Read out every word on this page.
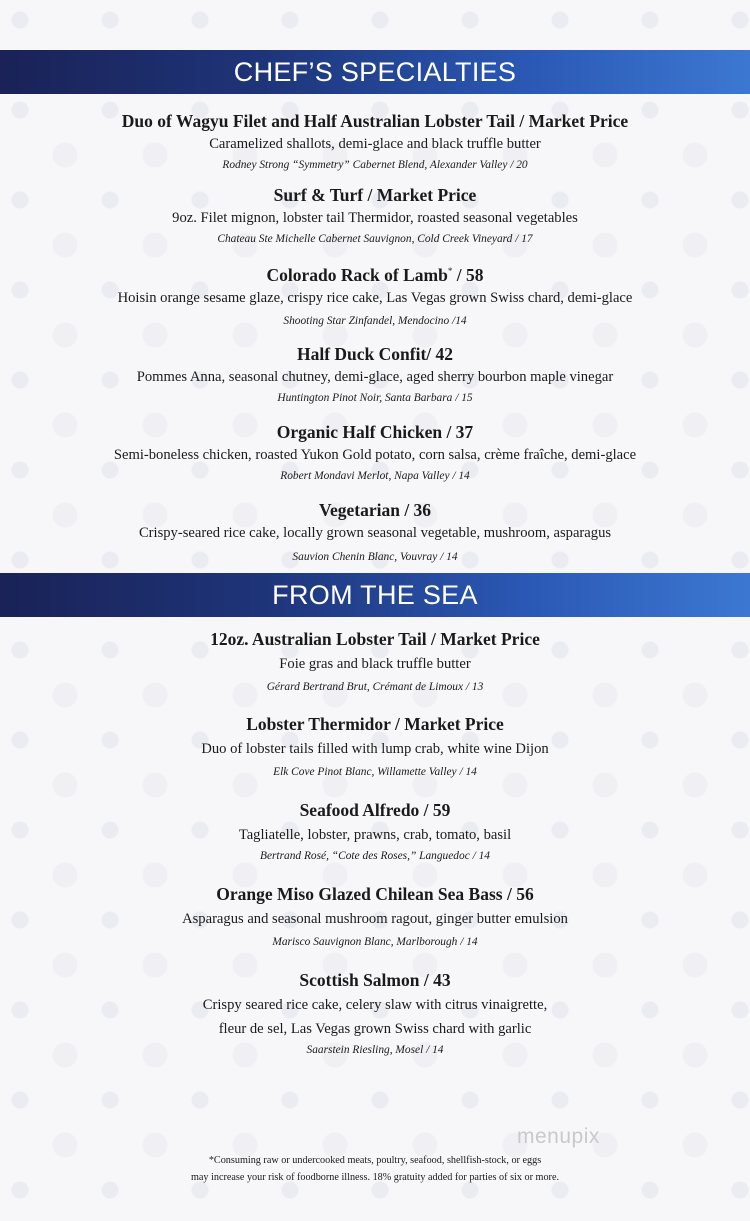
CHEF’S SPECIALTIES
Duo of Wagyu Filet and Half Australian Lobster Tail / Market Price
Caramelized shallots, demi-glace and black truffle butter
Rodney Strong “Symmetry” Cabernet Blend, Alexander Valley / 20
Surf & Turf / Market Price
9oz. Filet mignon, lobster tail Thermidor, roasted seasonal vegetables
Chateau Ste Michelle Cabernet Sauvignon, Cold Creek Vineyard / 17
Colorado Rack of Lamb* / 58
Hoisin orange sesame glaze, crispy rice cake, Las Vegas grown Swiss chard, demi-glace
Shooting Star Zinfandel, Mendocino /14
Half Duck Confit/ 42
Pommes Anna, seasonal chutney, demi-glace, aged sherry bourbon maple vinegar
Huntington Pinot Noir, Santa Barbara / 15
Organic Half Chicken / 37
Semi-boneless chicken, roasted Yukon Gold potato, corn salsa, crème fraîche, demi-glace
Robert Mondavi Merlot, Napa Valley / 14
Vegetarian / 36
Crispy-seared rice cake, locally grown seasonal vegetable, mushroom, asparagus
Sauvion Chenin Blanc, Vouvray / 14
FROM THE SEA
12oz. Australian Lobster Tail / Market Price
Foie gras and black truffle butter
Gérard Bertrand Brut, Crémant de Limoux / 13
Lobster Thermidor / Market Price
Duo of lobster tails filled with lump crab, white wine Dijon
Elk Cove Pinot Blanc, Willamette Valley / 14
Seafood Alfredo / 59
Tagliatelle, lobster, prawns, crab, tomato, basil
Bertrand Rosé, “Cote des Roses,” Languedoc / 14
Orange Miso Glazed Chilean Sea Bass / 56
Asparagus and seasonal mushroom ragout, ginger butter emulsion
Marisco Sauvignon Blanc, Marlborough / 14
Scottish Salmon / 43
Crispy seared rice cake, celery slaw with citrus vinaigrette,
fleur de sel, Las Vegas grown Swiss chard with garlic
Saarstein Riesling, Mosel / 14
menupix
*Consuming raw or undercooked meats, poultry, seafood, shellfish-stock, or eggs
may increase your risk of foodborne illness. 18% gratuity added for parties of six or more.
